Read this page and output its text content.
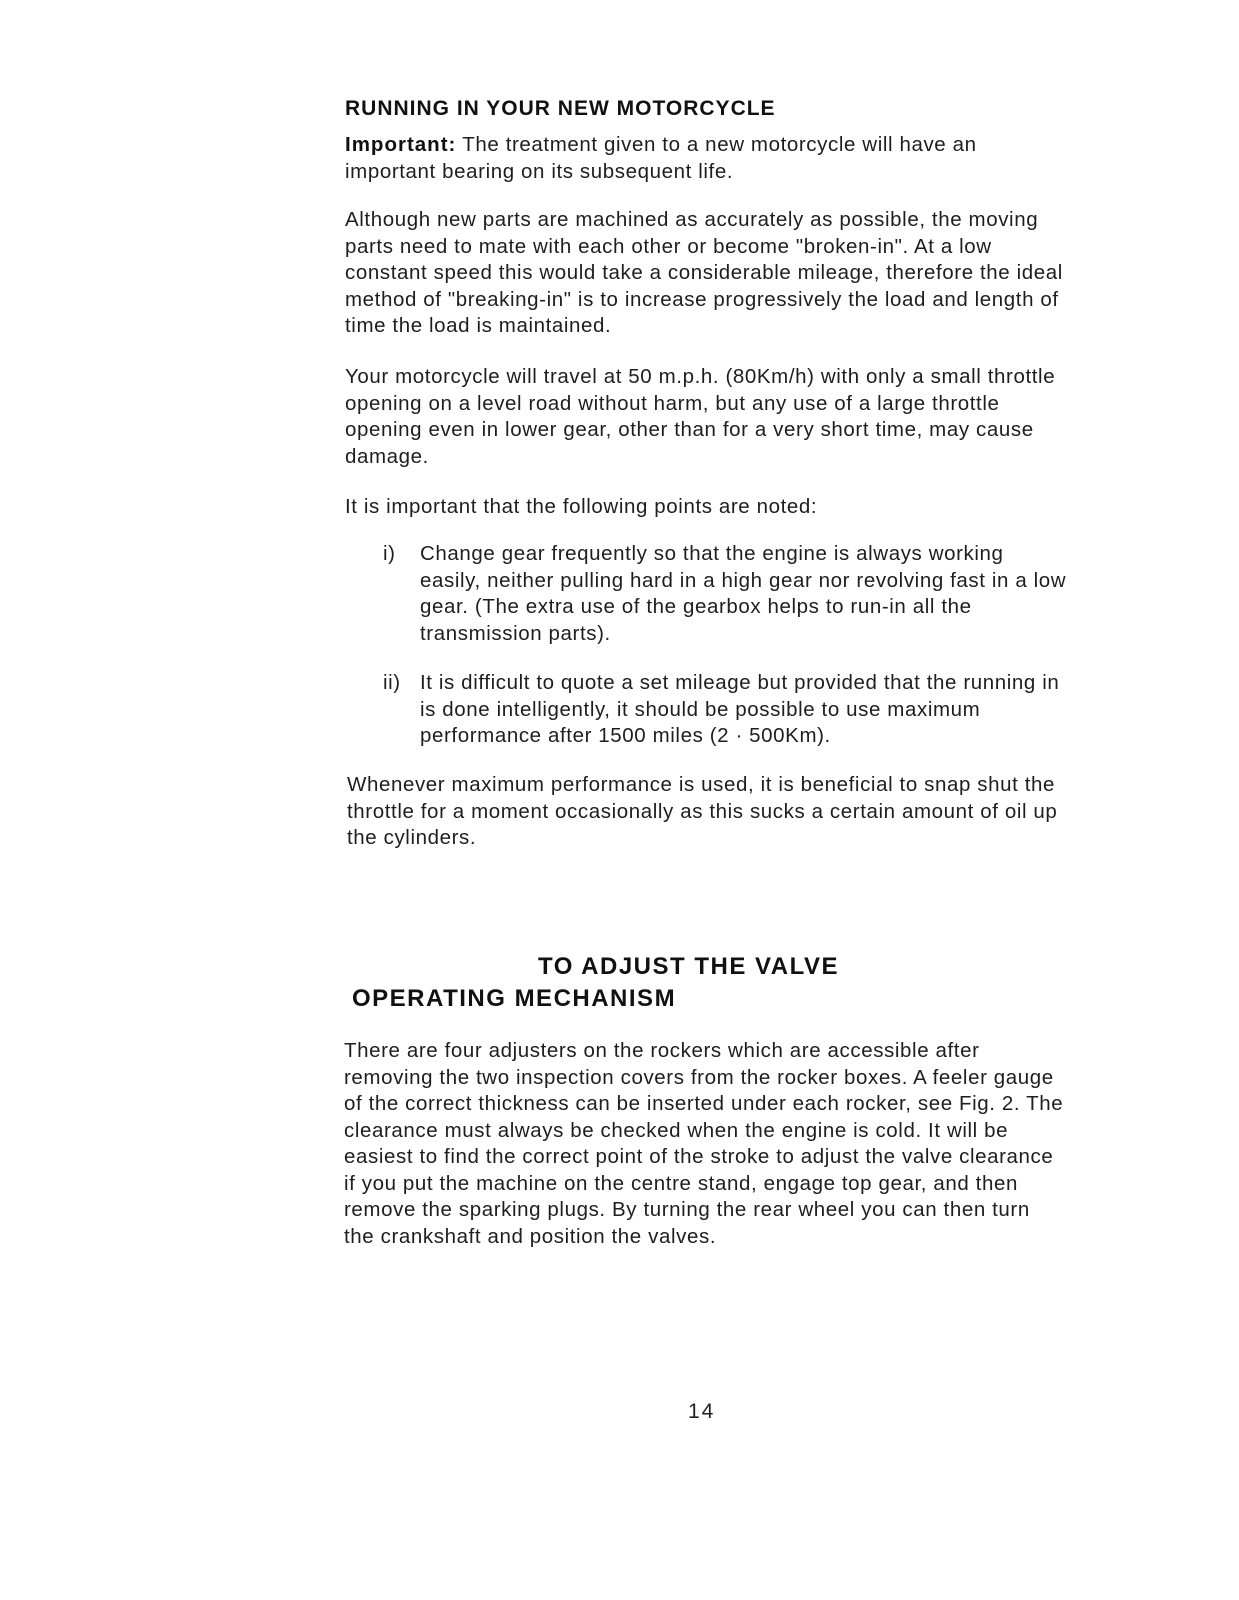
RUNNING IN YOUR NEW MOTORCYCLE

Important: The treatment given to a new motorcycle will have an important bearing on its subsequent life.

Although new parts are machined as accurately as possible, the moving parts need to mate with each other or become "broken-in". At a low constant speed this would take a considerable mileage, therefore the ideal method of "breaking-in" is to increase progressively the load and length of time the load is maintained.

Your motorcycle will travel at 50 m.p.h. (80Km/h) with only a small throttle opening on a level road without harm, but any use of a large throttle opening even in lower gear, other than for a very short time, may cause damage.

It is important that the following points are noted:

i) Change gear frequently so that the engine is always working easily, neither pulling hard in a high gear nor revolving fast in a low gear. (The extra use of the gearbox helps to run-in all the transmission parts).
ii) It is difficult to quote a set mileage but provided that the running in is done intelligently, it should be possible to use maximum performance after 1500 miles (2 · 500Km).

Whenever maximum performance is used, it is beneficial to snap shut the throttle for a moment occasionally as this sucks a certain amount of oil up the cylinders.

TO ADJUST THE VALVE
OPERATING MECHANISM

There are four adjusters on the rockers which are accessible after removing the two inspection covers from the rocker boxes. A feeler gauge of the correct thickness can be inserted under each rocker, see Fig. 2. The clearance must always be checked when the engine is cold. It will be easiest to find the correct point of the stroke to adjust the valve clearance if you put the machine on the centre stand, engage top gear, and then remove the sparking plugs. By turning the rear wheel you can then turn the crankshaft and position the valves.

14
